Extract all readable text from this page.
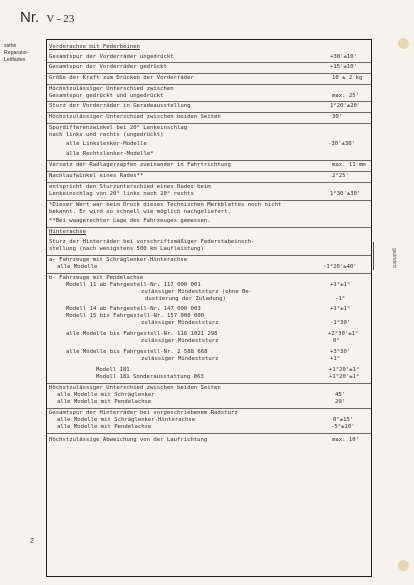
Nr. V - 23
siehe
Reparatur-
Leitfaden
geändert
Vorderachse mit Federbeinen
Gesamtspur der Vorderräder ungedrückt	+30'±10'
Gesamtspur der Vorderräder gedrückt	+15'±10'
Größe der Kraft zum Drücken der Vorderräder	10 ± 2 kg
Höchstzulässiger Unterschied zwischen
Gesamtspur gedrückt und ungedrückt	max. 25'
Sturz der Vorderräder in Geradeausstellung	1°20'±20'
Höchstzulässiger Unterschied zwischen beiden Seiten	30'
Spurdifferenzwinkel bei 20° Lenkeinschlag
nach links und rechts (ungedrückt)
alle Linkslenker-Modelle	-30'±30'
alle Rechtslenker-Modelle*
Versatz der Radlagerzapfen zueinander in Fahrtrichtung	max. 11 mm
Nachlaufwinkel eines Rades**	2°25'
entspricht den Sturzunterschied eines Rades beim
Lenkeinschlag von 20° links nach 20° rechts	1°30'±30'
*Dieser Wert war beim Druck dieses Technischen Merkblattes noch nicht
bekannt. Er wird so schnell wie möglich nachgeliefert.
**Bei waagerechter Lage des Fahrzeuges gemessen.
Hinterachse
Sturz der Hinterräder bei vorschriftsmäßiger Federstabeinsch-
stellung (nach wenigstens 500 km Laufleistung)
a- Fahrzeuge mit Schräglenker-Hinterachse
alle Modelle	-1°20'±40'
b- Fahrzeuge mit Pendelachse
Modell 11 ab Fahrgestell-Nr. 117 000 001	+1°±1°
zulässiger Mindeststurz (ohne Be-
dustierung der Zuladung)	-1°
Modell 14 ab Fahrgestell-Nr. 147 000 003	+1°±1°
Modell 15 bis Fahrgestell-Nr. 157 000 000
zulässiger Mindeststurz	-1°30'
alle Modelle bis Fahrgestell-Nr. 116 1021 298	+2°30'±1°
zulässiger Mindeststurz	0°
alle Modelle bis Fahrgestell-Nr. 2 588 668	+3°30'
zulässiger Mindeststurz	+1°
Modell 181	+1°20'±1°
Modell 181 Sonderausstattung 063	+1°20'±1°
Höchstzulässiger Unterschied zwischen beiden Seiten
alle Modelle mit Schräglenker	45'
alle Modelle mit Pendelachse	20'
Gesamtspur der Hinterräder bei vorgeschriebenem Radsturz
alle Modelle mit Schräglenker-Hinterachse	0°±15'
alle Modelle mit Pendelachse	-5°±10'
Höchstzulässige Abweichung von der Laufrichtung	max. 10'
2
